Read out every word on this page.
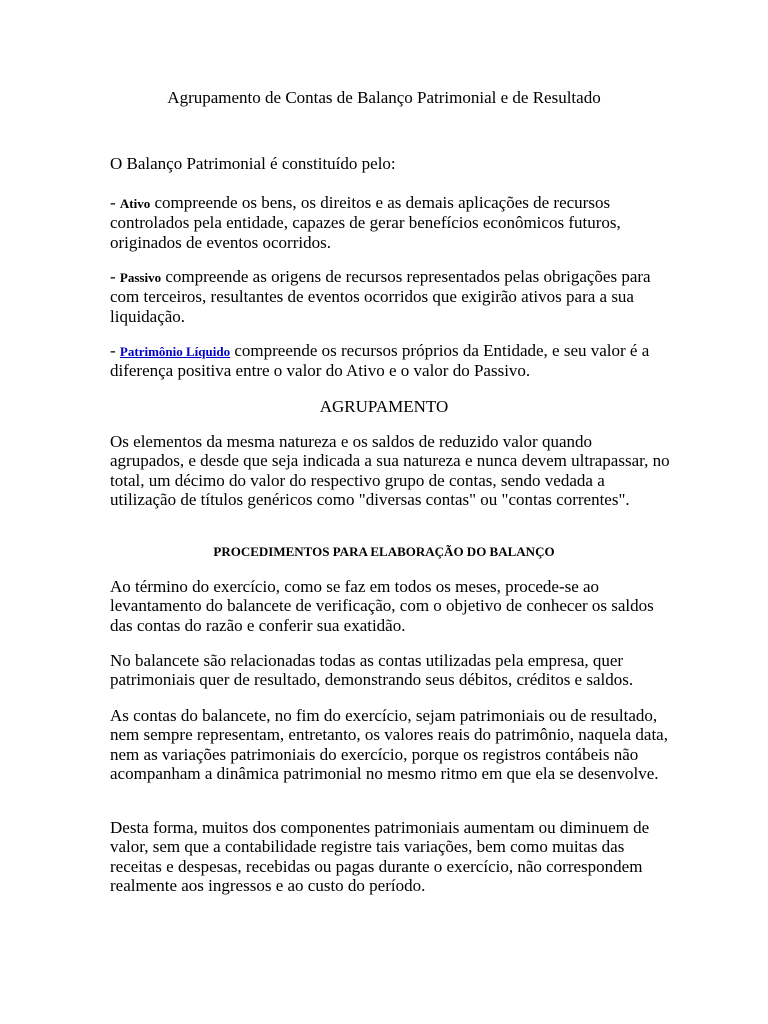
Agrupamento de Contas de Balanço Patrimonial e de Resultado

O Balanço Patrimonial é constituído pelo:

- Ativo compreende os bens, os direitos e as demais aplicações de recursos controlados pela entidade, capazes de gerar benefícios econômicos futuros, originados de eventos ocorridos.

- Passivo compreende as origens de recursos representados pelas obrigações para com terceiros, resultantes de eventos ocorridos que exigirão ativos para a sua liquidação.

- Patrimônio Líquido compreende os recursos próprios da Entidade, e seu valor é a diferença positiva entre o valor do Ativo e o valor do Passivo.

AGRUPAMENTO

Os elementos da mesma natureza e os saldos de reduzido valor quando agrupados, e desde que seja indicada a sua natureza e nunca devem ultrapassar, no total, um décimo do valor do respectivo grupo de contas, sendo vedada a utilização de títulos genéricos como "diversas contas" ou "contas correntes".

PROCEDIMENTOS PARA ELABORAÇÃO DO BALANÇO

Ao término do exercício, como se faz em todos os meses, procede-se ao levantamento do balancete de verificação, com o objetivo de conhecer os saldos das contas do razão e conferir sua exatidão.

No balancete são relacionadas todas as contas utilizadas pela empresa, quer patrimoniais quer de resultado, demonstrando seus débitos, créditos e saldos.

As contas do balancete, no fim do exercício, sejam patrimoniais ou de resultado, nem sempre representam, entretanto, os valores reais do patrimônio, naquela data, nem as variações patrimoniais do exercício, porque os registros contábeis não acompanham a dinâmica patrimonial no mesmo ritmo em que ela se desenvolve.

Desta forma, muitos dos componentes patrimoniais aumentam ou diminuem de valor, sem que a contabilidade registre tais variações, bem como muitas das receitas e despesas, recebidas ou pagas durante o exercício, não correspondem realmente aos ingressos e ao custo do período.
